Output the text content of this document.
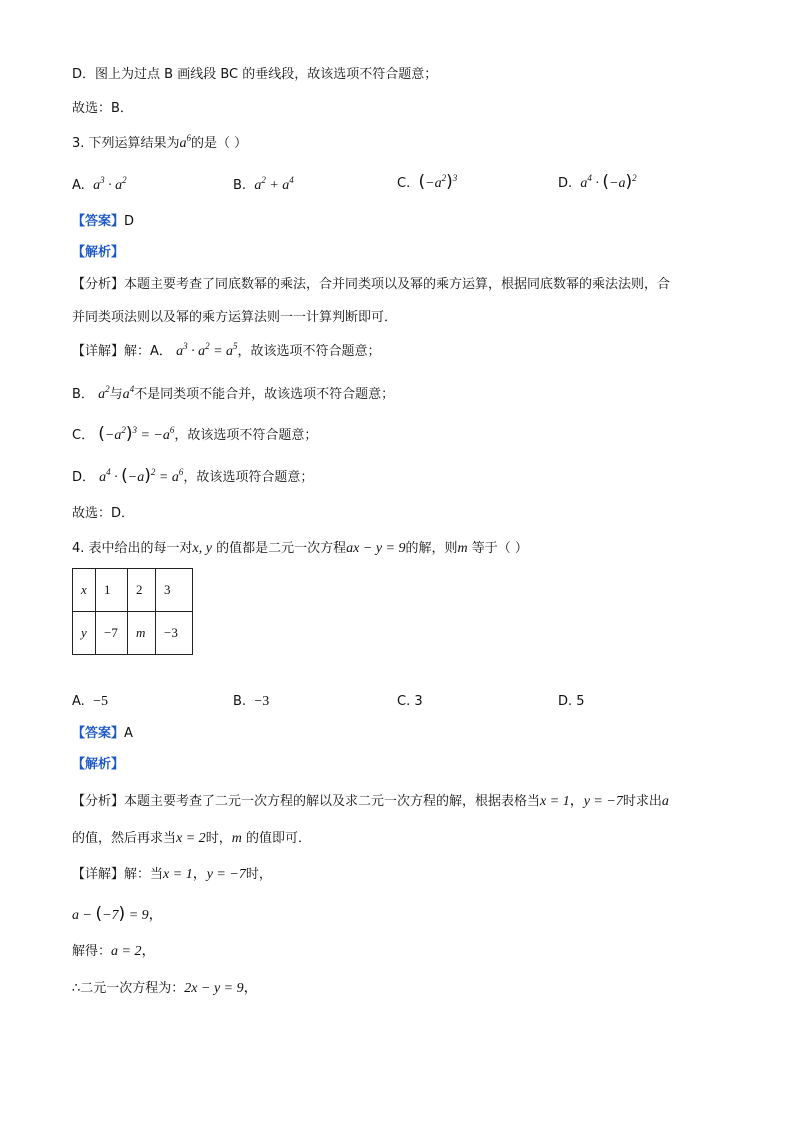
D．图上为过点 B 画线段 BC 的垂线段，故该选项不符合题意；
故选：B．
3. 下列运算结果为$a^6$的是（ ）
A. $a^3 \cdot a^2$	B. $a^2 + a^4$	C. $(-a^2)^3$	D. $a^4 \cdot (-a)^2$
【答案】D
【解析】
【分析】本题主要考查了同底数幂的乘法，合并同类项以及幂的乘方运算，根据同底数幂的乘法法则，合
并同类项法则以及幂的乘方运算法则一一计算判断即可．
【详解】解：A． $a^3 \cdot a^2 = a^5$，故该选项不符合题意；
B． $a^2$与$a^4$不是同类项不能合并，故该选项不符合题意；
C． $(-a^2)^3 = -a^6$，故该选项不符合题意；
D． $a^4 \cdot (-a)^2 = a^6$，故该选项符合题意；
故选：D．
4. 表中给出的每一对x, y 的值都是二元一次方程ax − y = 9的解，则m 等于（ ）
x	1	2	3
y	−7	m	−3
A. −5	B. −3	C. 3	D. 5
【答案】A
【解析】
【分析】本题主要考查了二元一次方程的解以及求二元一次方程的解，根据表格当x = 1，y = −7时求出a
的值，然后再求当x = 2时，m 的值即可．
【详解】解：当x = 1，y = −7时，
a − (−7) = 9，
解得：a = 2，
∴二元一次方程为：2x − y = 9，
